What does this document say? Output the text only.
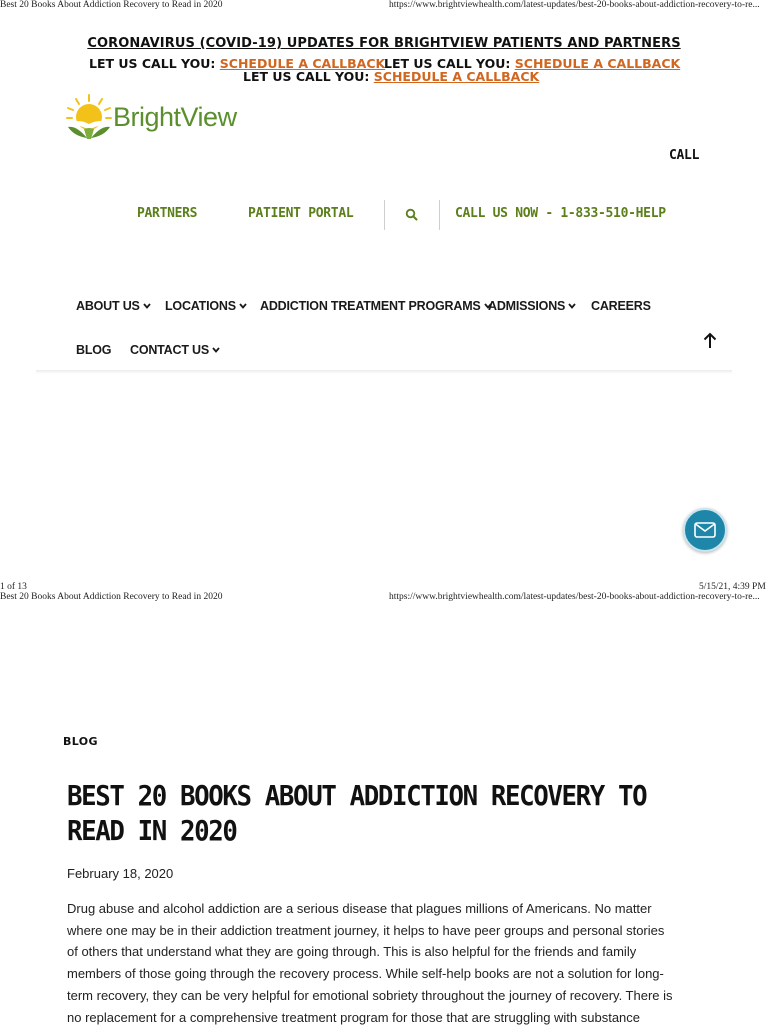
Best 20 Books About Addiction Recovery to Read in 2020	https://www.brightviewhealth.com/latest-updates/best-20-books-about-addiction-recovery-to-re...
CORONAVIRUS (COVID-19) UPDATES FOR BRIGHTVIEW PATIENTS AND PARTNERS
LET US CALL YOU: SCHEDULE A CALLBACK
LET US CALL YOU: SCHEDULE A CALLBACK
LET US CALL YOU: SCHEDULE A CALLBACK
BrightView
CALL
PARTNERS	PATIENT PORTAL	CALL US NOW - 1-833-510-HELP
ABOUT US	LOCATIONS	ADDICTION TREATMENT PROGRAMS ADMISSIONS	CAREERS
BLOG CONTACT US
1 of 13	5/15/21, 4:39 PM
Best 20 Books About Addiction Recovery to Read in 2020	https://www.brightviewhealth.com/latest-updates/best-20-books-about-addiction-recovery-to-re...
BLOG
BEST 20 BOOKS ABOUT ADDICTION RECOVERY TO READ IN 2020
February 18, 2020
Drug abuse and alcohol addiction are a serious disease that plagues millions of Americans. No matter
where one may be in their addiction treatment journey, it helps to have peer groups and personal stories
of others that understand what they are going through. This is also helpful for the friends and family
members of those going through the recovery process. While self-help books are not a solution for long-
term recovery, they can be very helpful for emotional sobriety throughout the journey of recovery. There is
no replacement for a comprehensive treatment program for those that are struggling with substance
